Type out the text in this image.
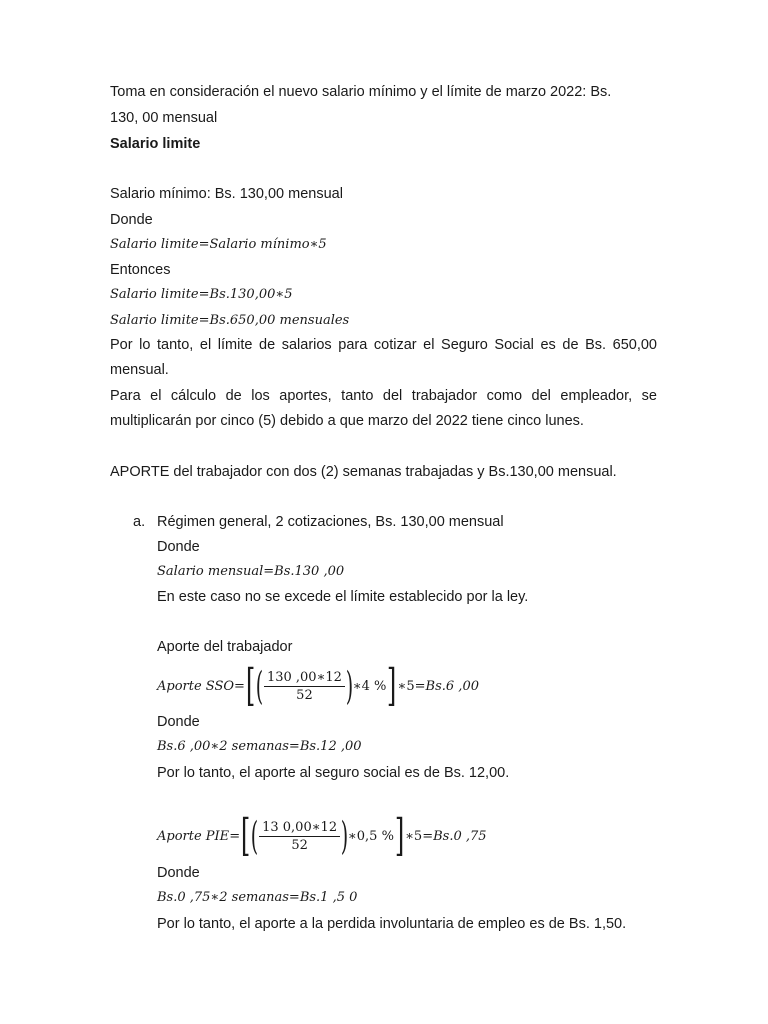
Toma en consideración el nuevo salario mínimo y el límite de marzo 2022: Bs.
130, 00 mensual
Salario limite
Salario mínimo: Bs. 130,00 mensual
Donde
Salario limite=Salario mínimo∗5
Entonces
Salario limite=Bs.130,00∗5
Salario limite=Bs.650,00 mensuales
Por lo tanto, el límite de salarios para cotizar el Seguro Social es de Bs. 650,00 mensual.
Para el cálculo de los aportes, tanto del trabajador como del empleador, se multiplicarán por cinco (5) debido a que marzo del 2022 tiene cinco lunes.
APORTE del trabajador con dos (2) semanas trabajadas y Bs.130,00 mensual.
a. Régimen general, 2 cotizaciones, Bs. 130,00 mensual
Donde
Salario mensual=Bs.130 ,00
En este caso no se excede el límite establecido por la ley.
Aporte del trabajador
Aporte SSO = [ ( $\frac{130 ,00∗12}{52}$ ) ∗4 % ] ∗5= Bs.6 ,00
Donde
Bs.6 ,00∗2 semanas=Bs.12 ,00
Por lo tanto, el aporte al seguro social es de Bs. 12,00.
Aporte PIE = [ ( $\frac{13 0,00∗12}{52}$ ) ∗0,5 % ] ∗5= Bs.0 ,75
Donde
Bs.0 ,75∗2 semanas=Bs.1 ,5 0
Por lo tanto, el aporte a la perdida involuntaria de empleo es de Bs. 1,50.
